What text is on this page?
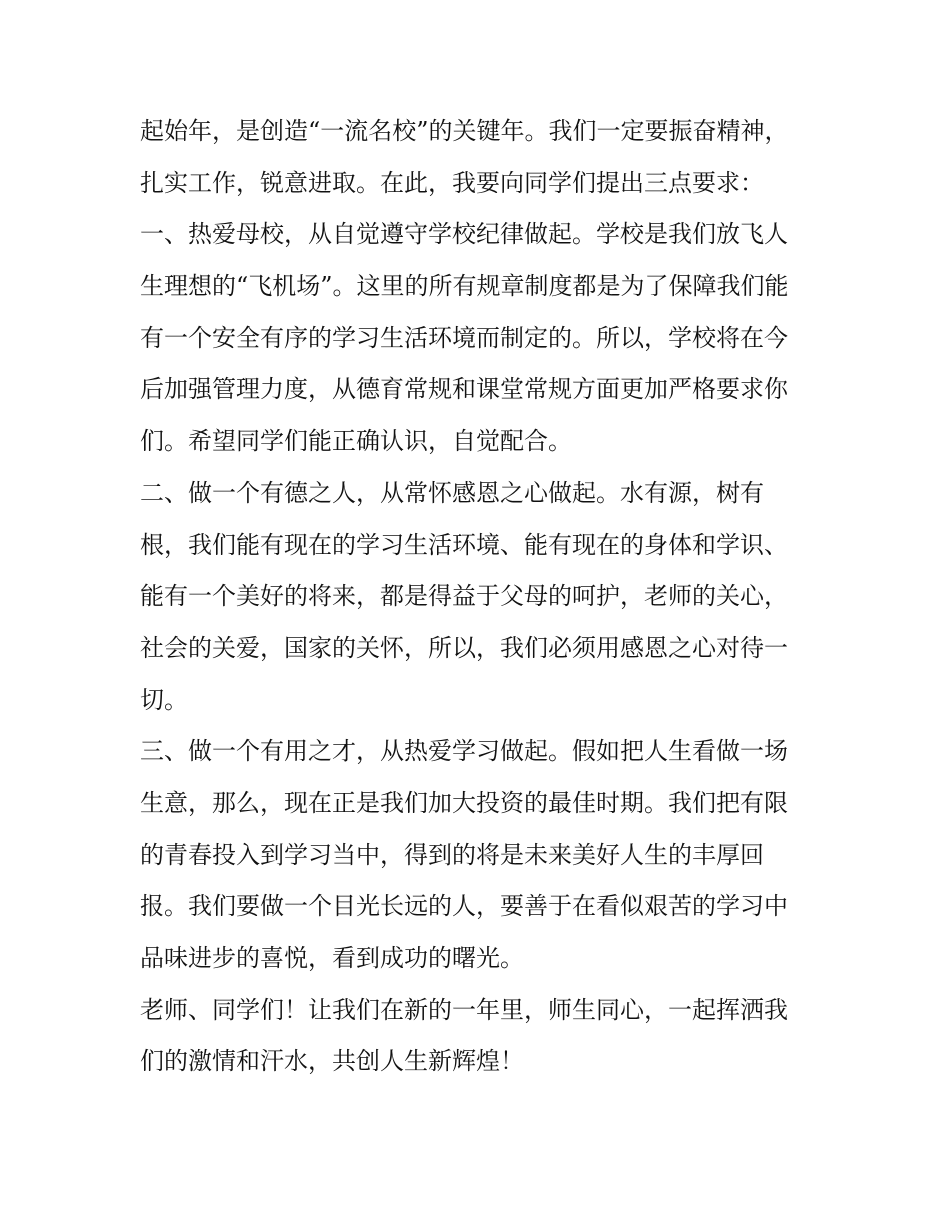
起始年，是创造“一流名校”的关键年。我们一定要振奋精神，
扎实工作，锐意进取。在此，我要向同学们提出三点要求：
一、热爱母校，从自觉遵守学校纪律做起。学校是我们放飞人
生理想的“飞机场”。这里的所有规章制度都是为了保障我们能
有一个安全有序的学习生活环境而制定的。所以，学校将在今
后加强管理力度，从德育常规和课堂常规方面更加严格要求你
们。希望同学们能正确认识，自觉配合。
二、做一个有德之人，从常怀感恩之心做起。水有源，树有
根，我们能有现在的学习生活环境、能有现在的身体和学识、
能有一个美好的将来，都是得益于父母的呵护，老师的关心，
社会的关爱，国家的关怀，所以，我们必须用感恩之心对待一
切。
三、做一个有用之才，从热爱学习做起。假如把人生看做一场
生意，那么，现在正是我们加大投资的最佳时期。我们把有限
的青春投入到学习当中，得到的将是未来美好人生的丰厚回
报。我们要做一个目光长远的人，要善于在看似艰苦的学习中
品味进步的喜悦，看到成功的曙光。
老师、同学们！让我们在新的一年里，师生同心，一起挥洒我
们的激情和汗水，共创人生新辉煌！
